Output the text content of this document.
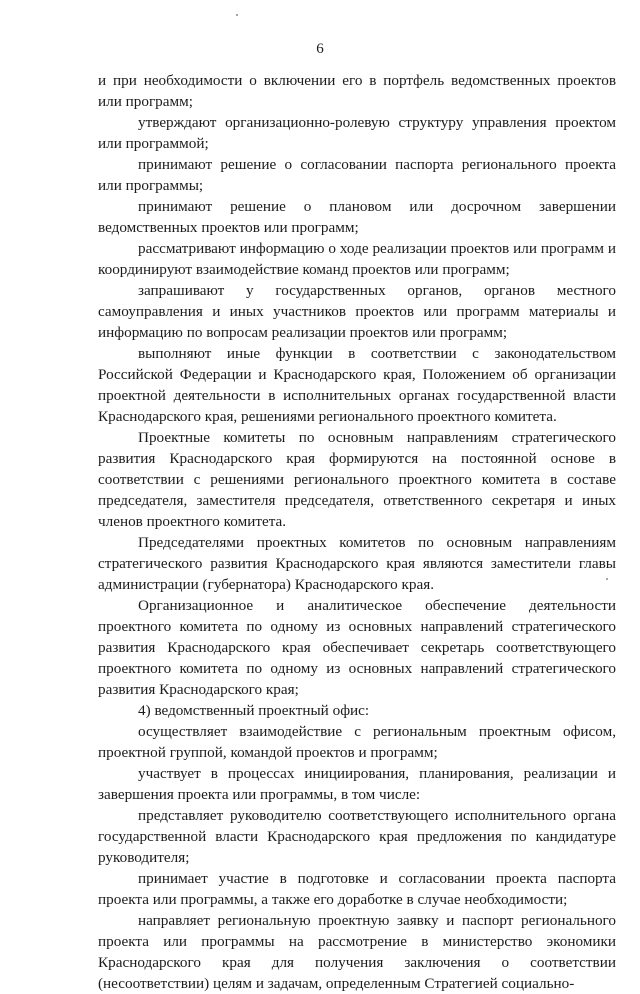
6

и при необходимости о включении его в портфель ведомственных проектов или программ;

утверждают организационно-ролевую структуру управления проектом или программой;

принимают решение о согласовании паспорта регионального проекта или программы;

принимают решение о плановом или досрочном завершении ведомственных проектов или программ;

рассматривают информацию о ходе реализации проектов или программ и координируют взаимодействие команд проектов или программ;

запрашивают у государственных органов, органов местного самоуправления и иных участников проектов или программ материалы и информацию по вопросам реализации проектов или программ;

выполняют иные функции в соответствии с законодательством Российской Федерации и Краснодарского края, Положением об организации проектной деятельности в исполнительных органах государственной власти Краснодарского края, решениями регионального проектного комитета.

Проектные комитеты по основным направлениям стратегического развития Краснодарского края формируются на постоянной основе в соответствии с решениями регионального проектного комитета в составе председателя, заместителя председателя, ответственного секретаря и иных членов проектного комитета.

Председателями проектных комитетов по основным направлениям стратегического развития Краснодарского края являются заместители главы администрации (губернатора) Краснодарского края.

Организационное и аналитическое обеспечение деятельности проектного комитета по одному из основных направлений стратегического развития Краснодарского края обеспечивает секретарь соответствующего проектного комитета по одному из основных направлений стратегического развития Краснодарского края;

4) ведомственный проектный офис:

осуществляет взаимодействие с региональным проектным офисом, проектной группой, командой проектов и программ;

участвует в процессах инициирования, планирования, реализации и завершения проекта или программы, в том числе:

представляет руководителю соответствующего исполнительного органа государственной власти Краснодарского края предложения по кандидатуре руководителя;

принимает участие в подготовке и согласовании проекта паспорта проекта или программы, а также его доработке в случае необходимости;

направляет региональную проектную заявку и паспорт регионального проекта или программы на рассмотрение в министерство экономики Краснодарского края для получения заключения о соответствии (несоответствии) целям и задачам, определенным Стратегией социально-
